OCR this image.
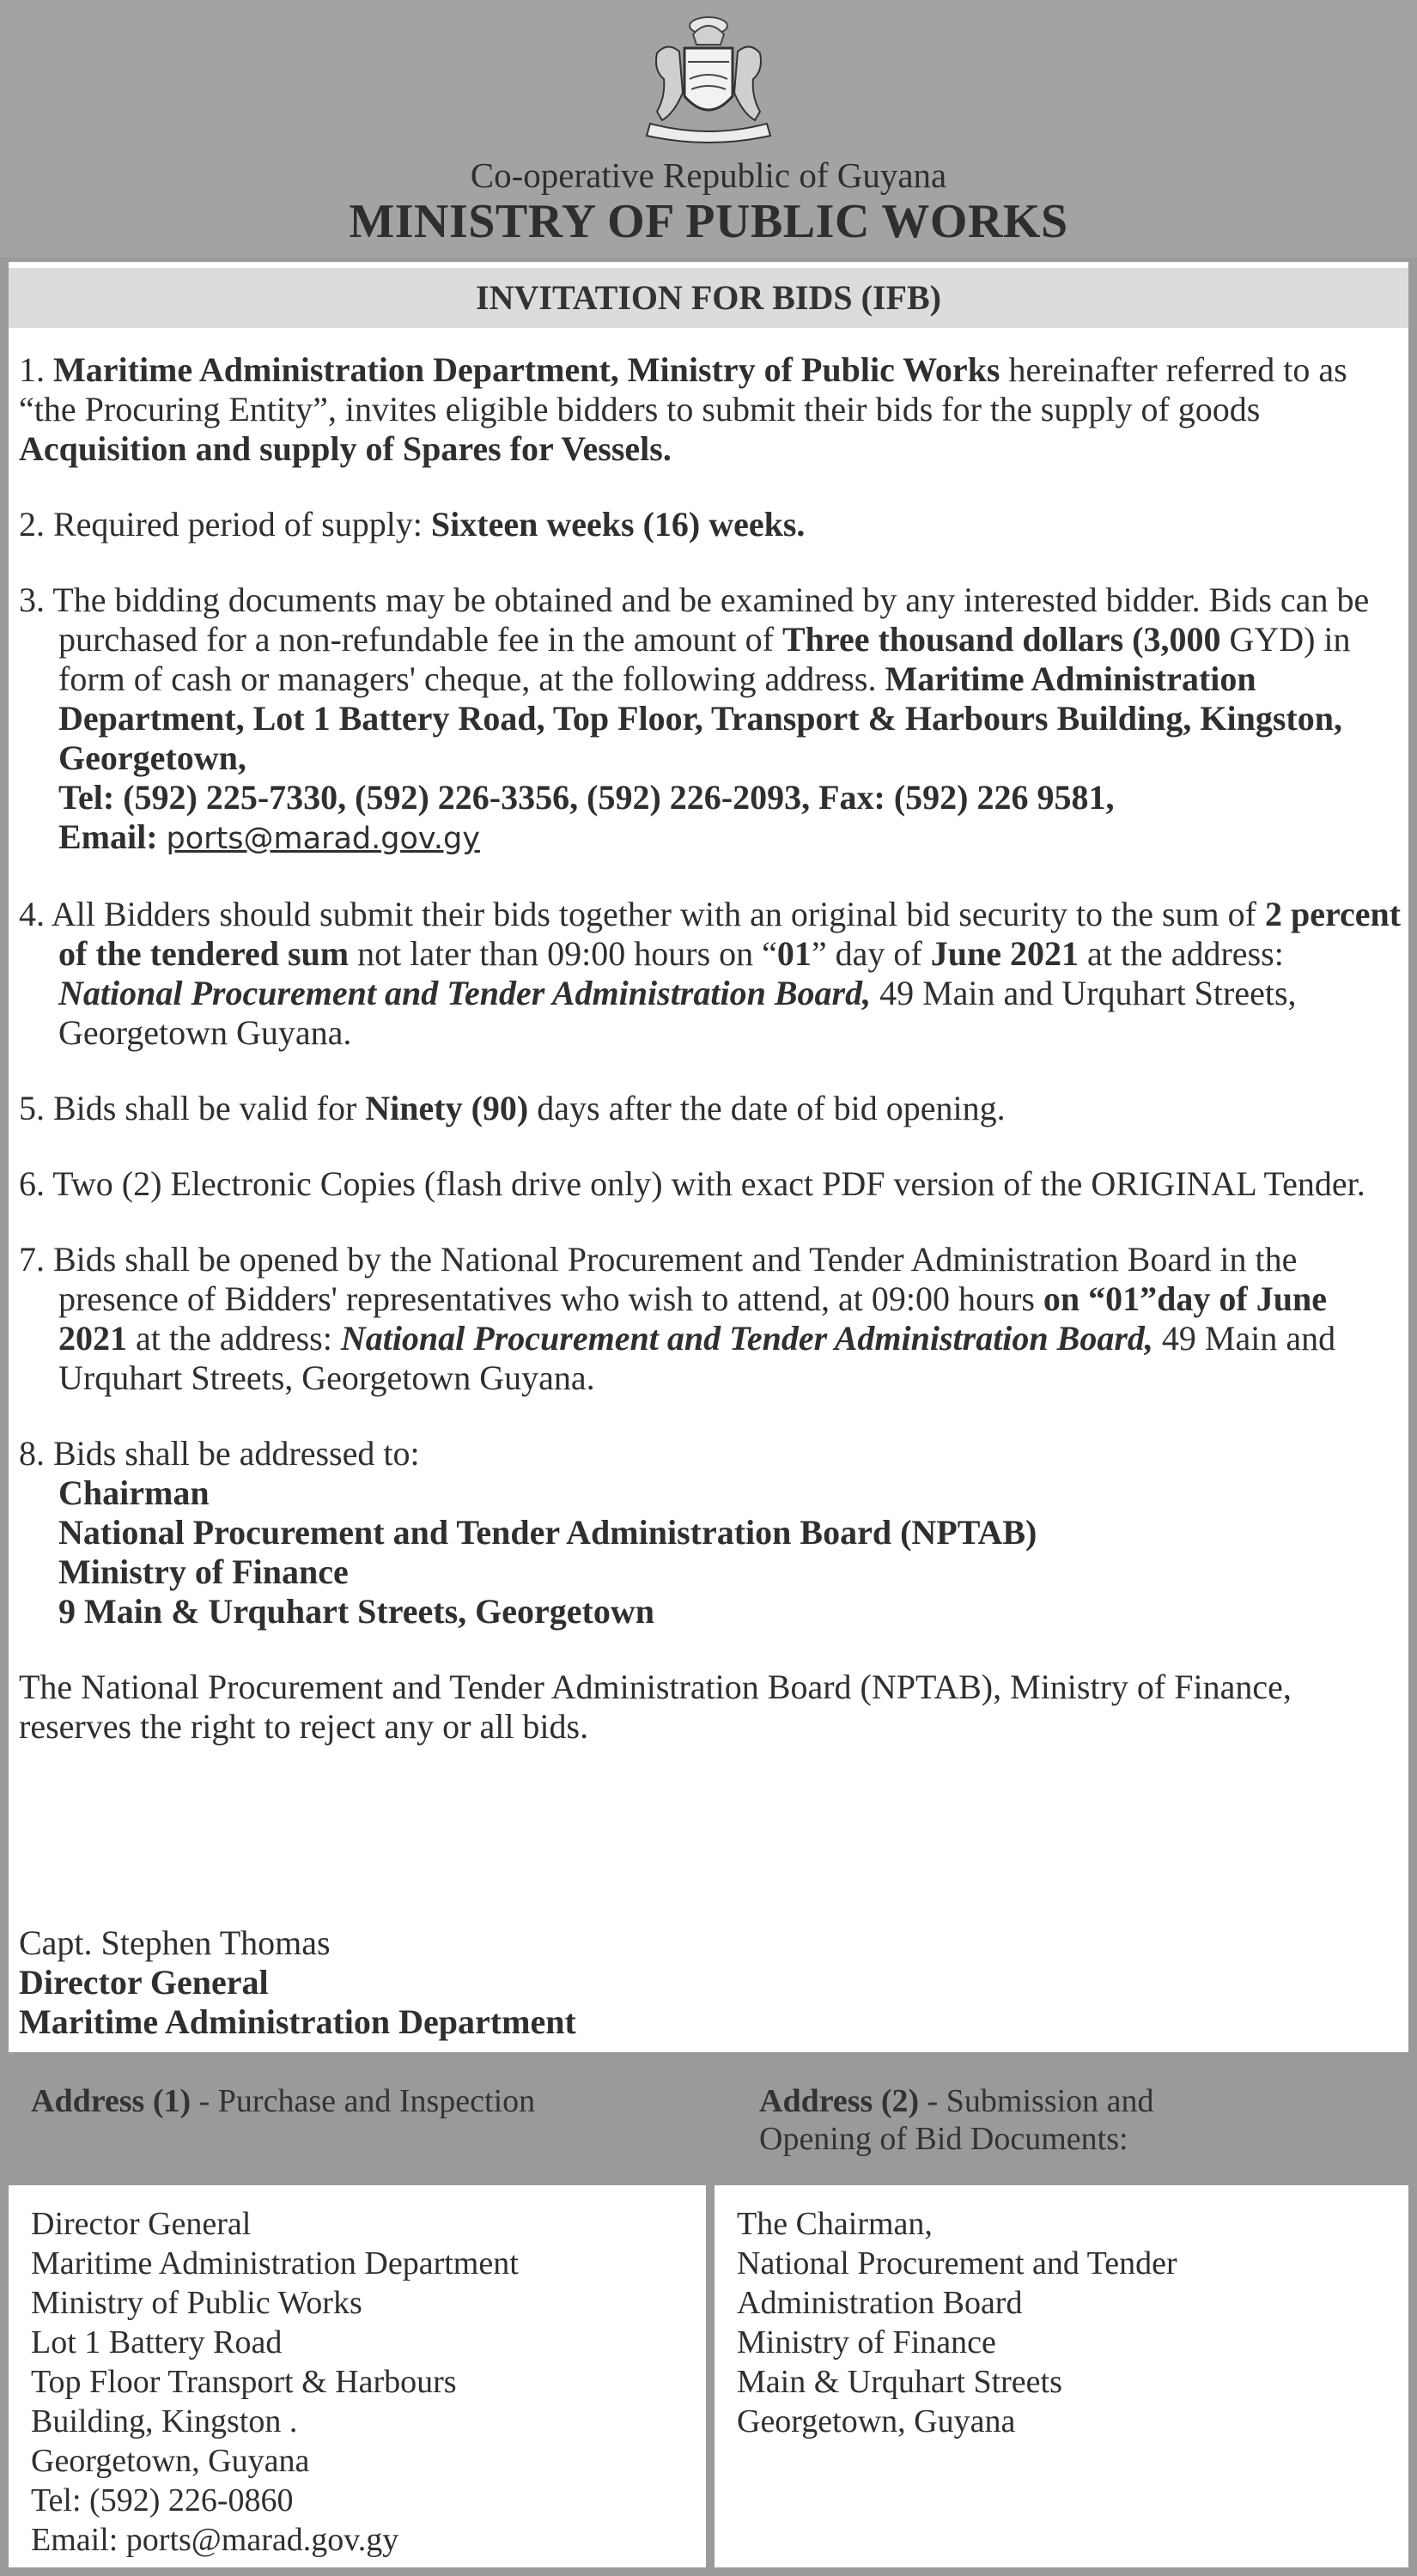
Co-operative Republic of Guyana
MINISTRY OF PUBLIC WORKS
INVITATION FOR BIDS (IFB)

1. Maritime Administration Department, Ministry of Public Works hereinafter referred to as “the Procuring Entity”, invites eligible bidders to submit their bids for the supply of goods Acquisition and supply of Spares for Vessels.

2. Required period of supply: Sixteen weeks (16) weeks.

3. The bidding documents may be obtained and be examined by any interested bidder. Bids can be purchased for a non-refundable fee in the amount of Three thousand dollars (3,000 GYD) in form of cash or managers' cheque, at the following address. Maritime Administration Department, Lot 1 Battery Road, Top Floor, Transport & Harbours Building, Kingston, Georgetown,
Tel: (592) 225-7330, (592) 226-3356, (592) 226-2093, Fax: (592) 226 9581,
Email: ports@marad.gov.gy

4. All Bidders should submit their bids together with an original bid security to the sum of 2 percent of the tendered sum not later than 09:00 hours on “01” day of June 2021 at the address: National Procurement and Tender Administration Board, 49 Main and Urquhart Streets, Georgetown Guyana.

5. Bids shall be valid for Ninety (90) days after the date of bid opening.

6. Two (2) Electronic Copies (flash drive only) with exact PDF version of the ORIGINAL Tender.

7. Bids shall be opened by the National Procurement and Tender Administration Board in the presence of Bidders' representatives who wish to attend, at 09:00 hours on “01”day of June 2021 at the address: National Procurement and Tender Administration Board, 49 Main and Urquhart Streets, Georgetown Guyana.

8. Bids shall be addressed to:
Chairman
National Procurement and Tender Administration Board (NPTAB)
Ministry of Finance
9 Main & Urquhart Streets, Georgetown

The National Procurement and Tender Administration Board (NPTAB), Ministry of Finance, reserves the right to reject any or all bids.

Capt. Stephen Thomas
Director General
Maritime Administration Department
Address (1) - Purchase and Inspection	Address (2) - Submission and
Opening of Bid Documents:
Director General
Maritime Administration Department
Ministry of Public Works
Lot 1 Battery Road
Top Floor Transport & Harbours
Building, Kingston .
Georgetown, Guyana
Tel: (592) 226-0860
Email: ports@marad.gov.gy
The Chairman,
National Procurement and Tender
Administration Board
Ministry of Finance
Main & Urquhart Streets
Georgetown, Guyana
